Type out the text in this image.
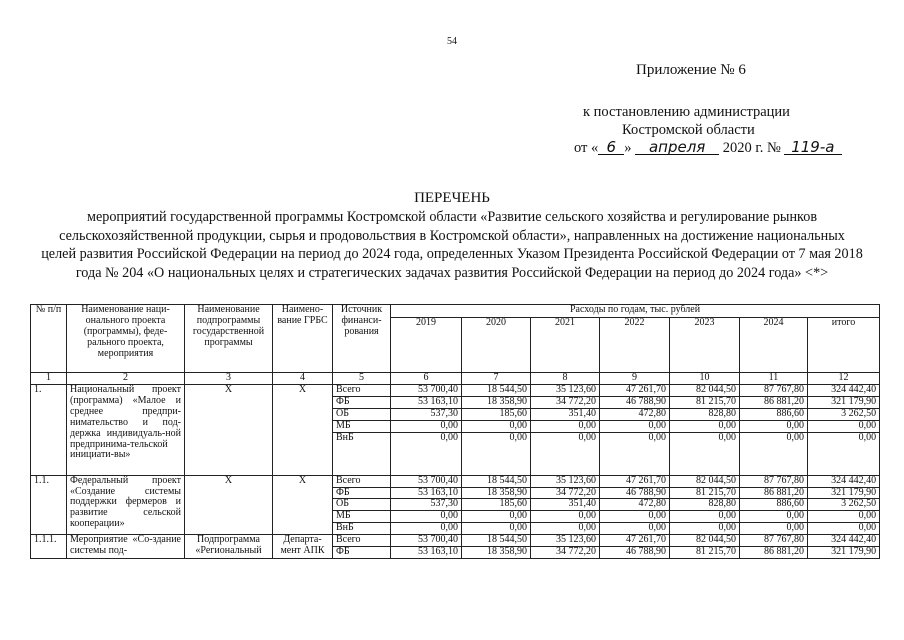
54
Приложение № 6
к постановлению администрации
Костромской области
от « 6 » апреля 2020 г. № 119-а
ПЕРЕЧЕНЬ
мероприятий государственной программы Костромской области «Развитие сельского хозяйства и регулирование рынков сельскохозяйственной продукции, сырья и продовольствия в Костромской области», направленных на достижение национальных целей развития Российской Федерации на период до 2024 года, определенных Указом Президента Российской Федерации от 7 мая 2018 года № 204 «О национальных целях и стратегических задачах развития Российской Федерации на период до 2024 года» <*>
№ п/п	Наименование наци-онального проекта (программы), феде-рального проекта, мероприятия	Наименование подпрограммы государственной программы	Наимено-вание ГРБС	Источник финанси-рования	Расходы по годам, тыс. рублей						
					2019	2020	2021	2022	2023	2024	итого
1	2	3	4	5	6	7	8	9	10	11	12
1.	Национальный проект (программа) «Малое и среднее предпри-нимательство и под-держка индивидуаль-ной предпринима-тельской инициати-вы»	Х	Х	Всего	53 700,40	18 544,50	35 123,60	47 261,70	82 044,50	87 767,80	324 442,40
				ФБ	53 163,10	18 358,90	34 772,20	46 788,90	81 215,70	86 881,20	321 179,90
				ОБ	537,30	185,60	351,40	472,80	828,80	886,60	3 262,50
				МБ	0,00	0,00	0,00	0,00	0,00	0,00	0,00
				ВнБ	0,00	0,00	0,00	0,00	0,00	0,00	0,00
1.1.	Федеральный проект «Создание системы поддержки фермеров и развитие сельской кооперации»	Х	Х	Всего	53 700,40	18 544,50	35 123,60	47 261,70	82 044,50	87 767,80	324 442,40
				ФБ	53 163,10	18 358,90	34 772,20	46 788,90	81 215,70	86 881,20	321 179,90
				ОБ	537,30	185,60	351,40	472,80	828,80	886,60	3 262,50
				МБ	0,00	0,00	0,00	0,00	0,00	0,00	0,00
				ВнБ	0,00	0,00	0,00	0,00	0,00	0,00	0,00
1.1.1.	Мероприятие «Со-здание системы под-	Подпрограмма «Региональный	Департа-мент АПК	Всего	53 700,40	18 544,50	35 123,60	47 261,70	82 044,50	87 767,80	324 442,40
				ФБ	53 163,10	18 358,90	34 772,20	46 788,90	81 215,70	86 881,20	321 179,90
